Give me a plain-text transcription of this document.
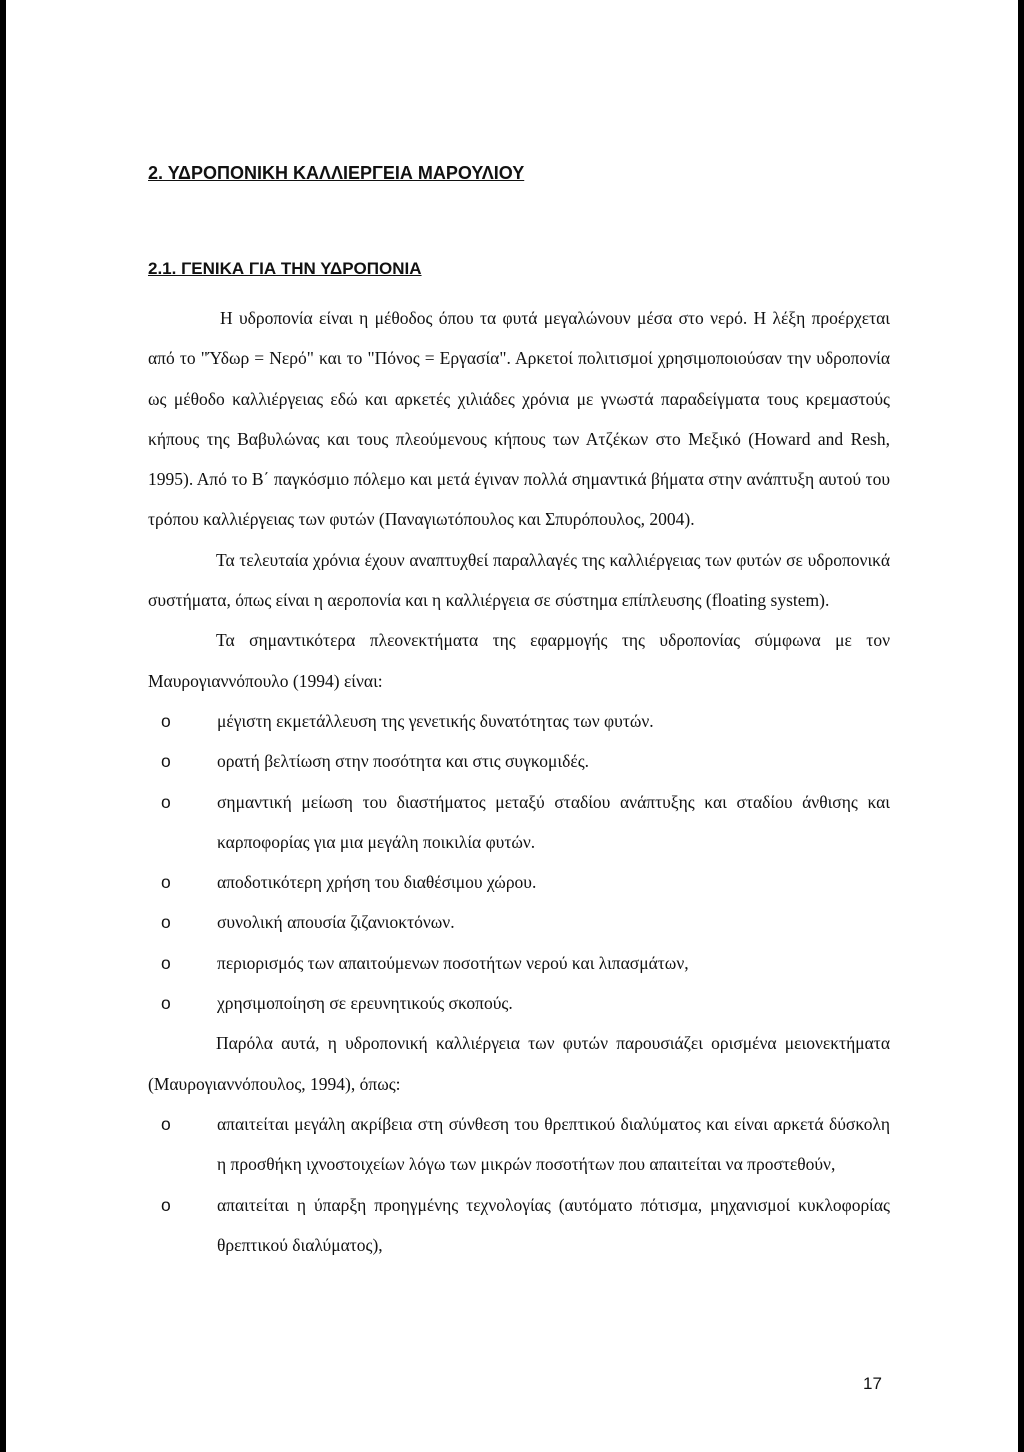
2. ΥΔΡΟΠΟΝΙΚΗ ΚΑΛΛΙΕΡΓΕΙΑ ΜΑΡΟΥΛΙΟΥ
2.1. ΓΕΝΙΚΑ ΓΙΑ ΤΗΝ ΥΔΡΟΠΟΝΙΑ

Η υδροπονία είναι η μέθοδος όπου τα φυτά μεγαλώνουν μέσα στο νερό. Η λέξη προέρχεται από το "Ύδωρ = Νερό" και το "Πόνος = Εργασία". Αρκετοί πολιτισμοί χρησιμοποιούσαν την υδροπονία ως μέθοδο καλλιέργειας εδώ και αρκετές χιλιάδες χρόνια με γνωστά παραδείγματα τους κρεμαστούς κήπους της Βαβυλώνας και τους πλεούμενους κήπους των Ατζέκων στο Μεξικό (Howard and Resh, 1995). Από το Β΄ παγκόσμιο πόλεμο και μετά έγιναν πολλά σημαντικά βήματα στην ανάπτυξη αυτού του τρόπου καλλιέργειας των φυτών (Παναγιωτόπουλος και Σπυρόπουλος, 2004).

Τα τελευταία χρόνια έχουν αναπτυχθεί παραλλαγές της καλλιέργειας των φυτών σε υδροπονικά συστήματα, όπως είναι η αεροπονία και η καλλιέργεια σε σύστημα επίπλευσης (floating system).

Τα σημαντικότερα πλεονεκτήματα της εφαρμογής της υδροπονίας σύμφωνα με τον Μαυρογιαννόπουλο (1994) είναι:

o	μέγιστη εκμετάλλευση της γενετικής δυνατότητας των φυτών.
o	ορατή βελτίωση στην ποσότητα και στις συγκομιδές.
o	σημαντική μείωση του διαστήματος μεταξύ σταδίου ανάπτυξης και σταδίου άνθισης και καρποφορίας για μια μεγάλη ποικιλία φυτών.
o	αποδοτικότερη χρήση του διαθέσιμου χώρου.
o	συνολική απουσία ζιζανιοκτόνων.
o	περιορισμός των απαιτούμενων ποσοτήτων νερού και λιπασμάτων,
o	χρησιμοποίηση σε ερευνητικούς σκοπούς.

Παρόλα αυτά, η υδροπονική καλλιέργεια των φυτών παρουσιάζει ορισμένα μειονεκτήματα (Μαυρογιαννόπουλος, 1994), όπως:

o	απαιτείται μεγάλη ακρίβεια στη σύνθεση του θρεπτικού διαλύματος και είναι αρκετά δύσκολη η προσθήκη ιχνοστοιχείων λόγω των μικρών ποσοτήτων που απαιτείται να προστεθούν,
o	απαιτείται η ύπαρξη προηγμένης τεχνολογίας (αυτόματο πότισμα, μηχανισμοί κυκλοφορίας θρεπτικού διαλύματος),
17
